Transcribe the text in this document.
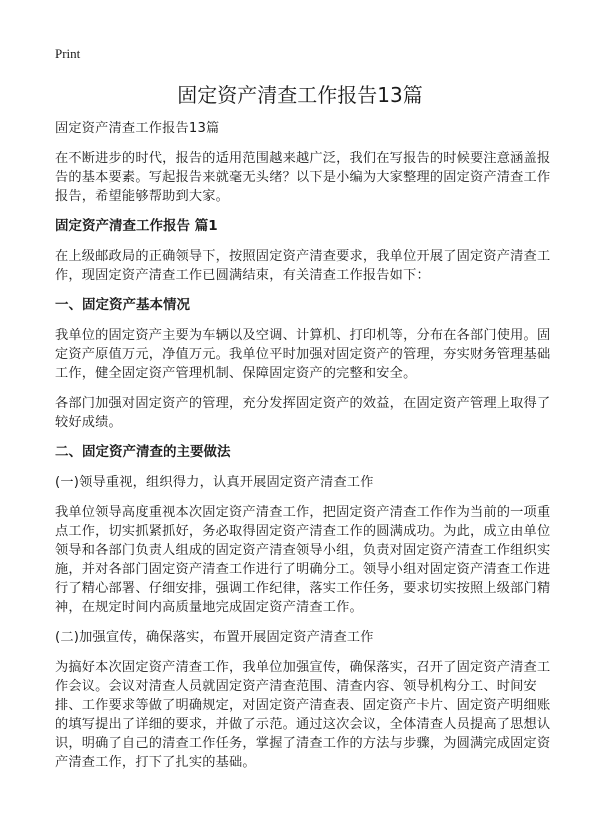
Print
固定资产清查工作报告13篇

固定资产清查工作报告13篇

在不断进步的时代，报告的适用范围越来越广泛，我们在写报告的时候要注意涵盖报告的基本要素。写起报告来就毫无头绪？以下是小编为大家整理的固定资产清查工作报告，希望能够帮助到大家。

固定资产清查工作报告 篇1

在上级邮政局的正确领导下，按照固定资产清查要求，我单位开展了固定资产清查工作，现固定资产清查工作已圆满结束，有关清查工作报告如下：

一、固定资产基本情况

我单位的固定资产主要为车辆以及空调、计算机、打印机等，分布在各部门使用。固定资产原值万元，净值万元。我单位平时加强对固定资产的管理，夯实财务管理基础工作，健全固定资产管理机制、保障固定资产的完整和安全。

各部门加强对固定资产的管理，充分发挥固定资产的效益，在固定资产管理上取得了较好成绩。

二、固定资产清查的主要做法

(一)领导重视，组织得力，认真开展固定资产清查工作

我单位领导高度重视本次固定资产清查工作，把固定资产清查工作作为当前的一项重点工作，切实抓紧抓好，务必取得固定资产清查工作的圆满成功。为此，成立由单位领导和各部门负责人组成的固定资产清查领导小组，负责对固定资产清查工作组织实施，并对各部门固定资产清查工作进行了明确分工。领导小组对固定资产清查工作进行了精心部署、仔细安排，强调工作纪律，落实工作任务，要求切实按照上级部门精神，在规定时间内高质量地完成固定资产清查工作。

(二)加强宣传，确保落实，布置开展固定资产清查工作

为搞好本次固定资产清查工作，我单位加强宣传，确保落实，召开了固定资产清查工作会议。会议对清查人员就固定资产清查范围、清查内容、领导机构分工、时间安排、工作要求等做了明确规定，对固定资产清查表、固定资产卡片、固定资产明细账的填写提出了详细的要求，并做了示范。通过这次会议，全体清查人员提高了思想认识，明确了自己的清查工作任务，掌握了清查工作的方法与步骤，为圆满完成固定资产清查工作，打下了扎实的基础。
